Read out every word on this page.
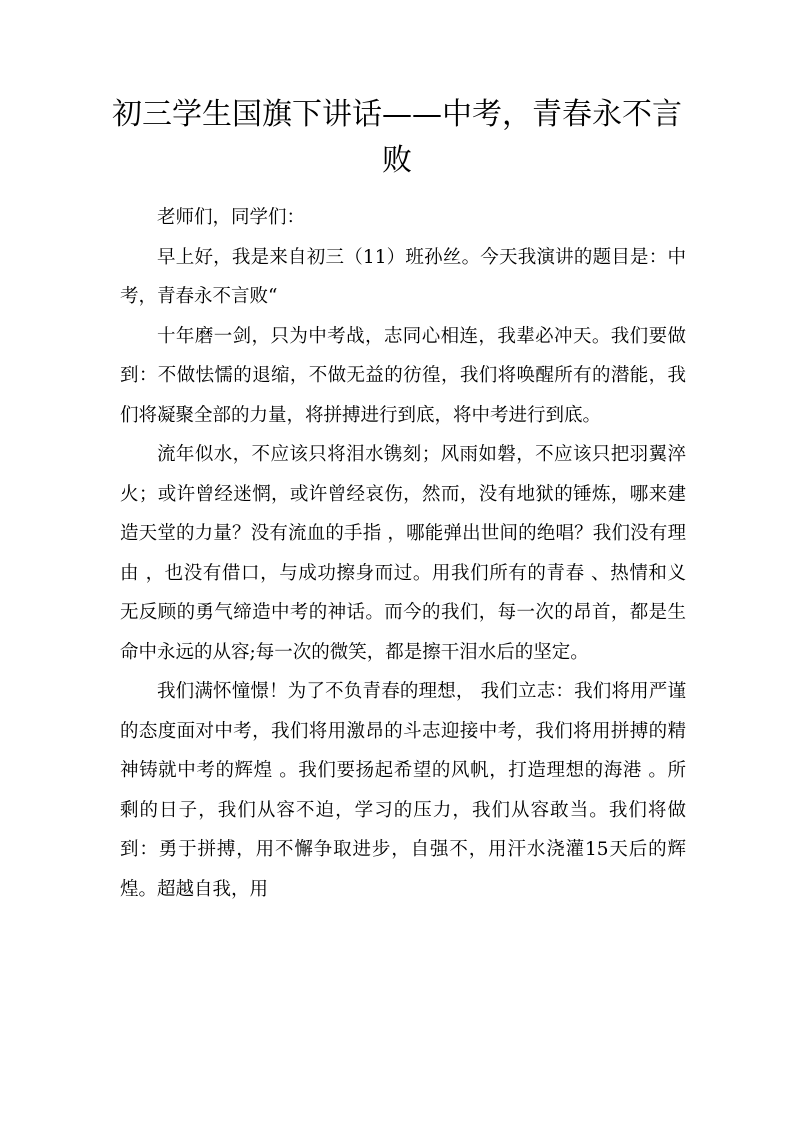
初三学生国旗下讲话——中考，青春永不言败

老师们，同学们：

早上好，我是来自初三（11）班孙丝。今天我演讲的题目是：中考，青春永不言败“

十年磨一剑，只为中考战，志同心相连，我辈必冲天。我们要做到：不做怯懦的退缩，不做无益的彷徨，我们将唤醒所有的潜能，我们将凝聚全部的力量，将拼搏进行到底，将中考进行到底。

流年似水，不应该只将泪水镌刻；风雨如磐，不应该只把羽翼淬火；或许曾经迷惘，或许曾经哀伤，然而，没有地狱的锤炼，哪来建造天堂的力量？没有流血的手指 ，哪能弹出世间的绝唱？我们没有理由 ，也没有借口，与成功擦身而过。用我们所有的青春 、热情和义无反顾的勇气缔造中考的神话。而今的我们，每一次的昂首，都是生命中永远的从容;每一次的微笑，都是擦干泪水后的坚定。

我们满怀憧憬！为了不负青春的理想， 我们立志：我们将用严谨的态度面对中考，我们将用激昂的斗志迎接中考，我们将用拼搏的精神铸就中考的辉煌 。我们要扬起希望的风帆，打造理想的海港 。所剩的日子，我们从容不迫，学习的压力，我们从容敢当。我们将做到：勇于拼搏，用不懈争取进步，自强不，用汗水浇灌15天后的辉煌。超越自我，用
